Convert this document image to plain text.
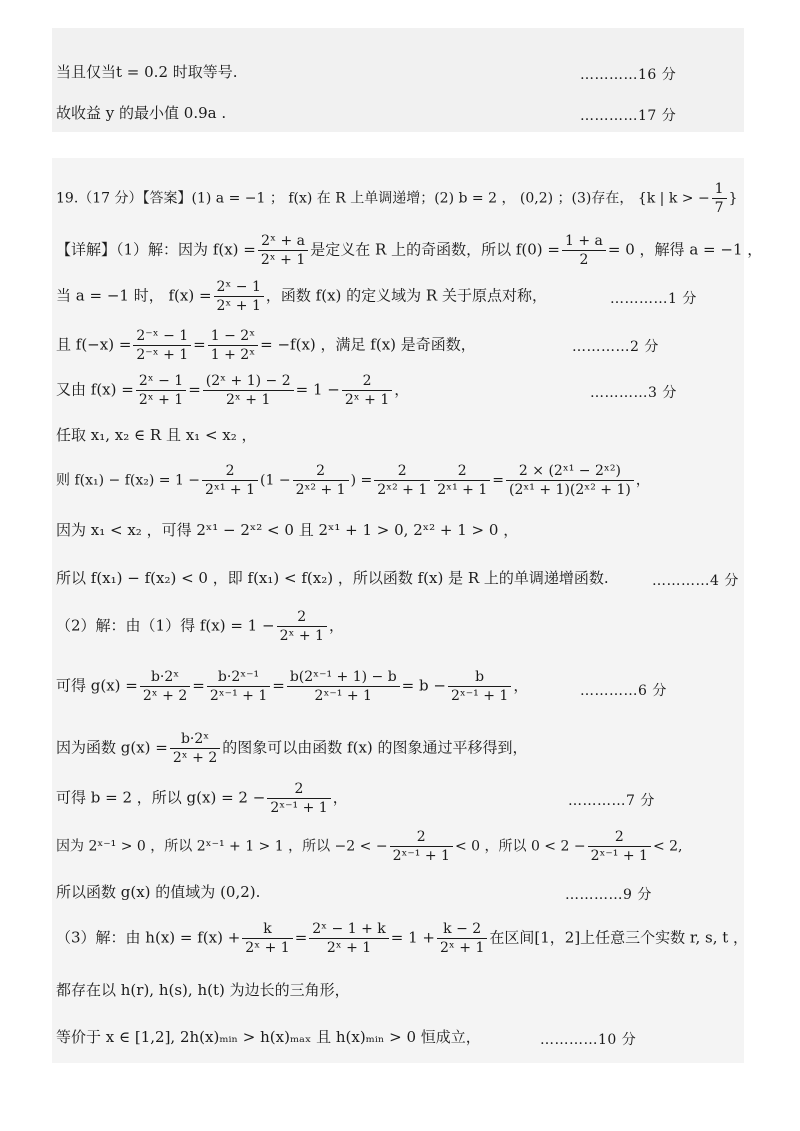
当且仅当t = 0.2 时取等号.	…………16 分
故收益 y 的最小值 0.9a .	…………17 分
19.（17 分）【答案】(1) a = −1 ； f(x) 在 R 上单调递增；(2) b = 2 ， (0,2) ；(3)存在， {k | k > − $\frac{1}{7}$ }
【详解】（1）解：因为 $f(x) = \frac{\text{2ˣ + a}}{\text{2ˣ + 1}}$ 是定义在 R 上的奇函数，所以 $f(0) = \frac{1 + a}{2} = 0$ ，解得 a = −1 ，
当 a = −1 时， $f(x) = \frac{\text{2ˣ − 1}}{\text{2ˣ + 1}}$ ，函数 f(x) 的定义域为 R 关于原点对称，	…………1 分
且 $f(-x) = \frac{\text{2⁻ˣ − 1}}{\text{2⁻ˣ + 1}} = \frac{\text{1 − 2ˣ}}{\text{1 + 2ˣ}} = -f(x)$ ，满足 f(x) 是奇函数，	…………2 分
又由 $f(x) = \frac{\text{2ˣ − 1}}{\text{2ˣ + 1}} = \frac{\text{(2ˣ + 1) − 2}}{\text{2ˣ + 1}} = 1 - \frac{2}{\text{2ˣ + 1}}$ ，	…………3 分
任取 x₁, x₂ ∈ R 且 x₁ < x₂ ，
则 $f(x_1) - f(x_2) = 1 - \frac{2}{\text{2ˣ¹ + 1}} (1 - \frac{2}{\text{2ˣ² + 1}}$ ) = $\frac{2}{\text{2ˣ² + 1}} \frac{2}{\text{2ˣ¹ + 1}} = \frac{\text{2 × (2ˣ¹ − 2ˣ²)}}{\text{(2ˣ¹ + 1)(2ˣ² + 1)}}$ ，
因为 x₁ < x₂ ，可得 2ˣ¹ − 2ˣ² < 0 且 2ˣ¹ + 1 > 0, 2ˣ² + 1 > 0 ，
所以 f(x₁) − f(x₂) < 0 ，即 f(x₁) < f(x₂) ，所以函数 f(x) 是 R 上的单调递增函数.	…………4 分
（2）解：由（1）得 $f(x) = 1 - \frac{2}{\text{2ˣ + 1}}$ ，
可得 $g(x) = \frac{\text{b·2ˣ}}{\text{2ˣ + 2}} = \frac{\text{b·2ˣ⁻¹}}{\text{2ˣ⁻¹ + 1}} = \frac{\text{b(2ˣ⁻¹ + 1) − b}}{\text{2ˣ⁻¹ + 1}} = b - \frac{b}{\text{2ˣ⁻¹ + 1}}$ ，	…………6 分
因为函数 $g(x) = \frac{\text{b·2ˣ}}{\text{2ˣ + 2}}$ 的图象可以由函数 f(x) 的图象通过平移得到，
可得 b = 2 ，所以 $g(x) = 2 - \frac{2}{\text{2ˣ⁻¹ + 1}}$ ，	…………7 分
因为 2ˣ⁻¹ > 0 ，所以 2ˣ⁻¹ + 1 > 1 ，所以 −2 < − $\frac{2}{\text{2ˣ⁻¹ + 1}} < 0$ ，所以 $0 < 2 - \frac{2}{\text{2ˣ⁻¹ + 1}} < 2$,
所以函数 g(x) 的值域为 (0,2).	…………9 分
（3）解：由 $h(x) = f(x) + \frac{k}{\text{2ˣ + 1}} = \frac{\text{2ˣ − 1 + k}}{\text{2ˣ + 1}} = 1 + \frac{k - 2}{\text{2ˣ + 1}}$ 在区间[1，2]上任意三个实数 r, s, t ，
都存在以 h(r), h(s), h(t) 为边长的三角形，
等价于 x ∈ [1,2], 2h(x)ₘᵢₙ > h(x)ₘₐₓ 且 h(x)ₘᵢₙ > 0 恒成立，	…………10 分
